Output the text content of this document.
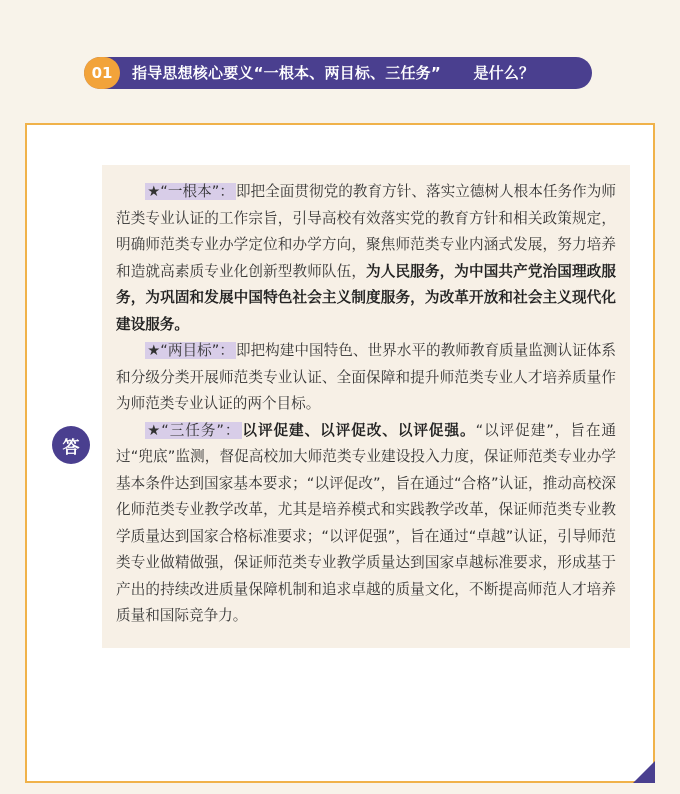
01	指导思想核心要义“一根本、两目标、三任务”      是什么？
答

★“一根本”： 即把全面贯彻党的教育方针、落实立德树人根本任务作为师范类专业认证的工作宗旨，引导高校有效落实党的教育方针和相关政策规定，明确师范类专业办学定位和办学方向，聚焦师范类专业内涵式发展，努力培养和造就高素质专业化创新型教师队伍，为人民服务，为中国共产党治国理政服务，为巩固和发展中国特色社会主义制度服务，为改革开放和社会主义现代化建设服务。

★“两目标”： 即把构建中国特色、世界水平的教师教育质量监测认证体系和分级分类开展师范类专业认证、全面保障和提升师范类专业人才培养质量作为师范类专业认证的两个目标。

★“三任务”： 以评促建、以评促改、以评促强。“以评促建”，旨在通过“兜底”监测，督促高校加大师范类专业建设投入力度，保证师范类专业办学基本条件达到国家基本要求；“以评促改”，旨在通过“合格”认证，推动高校深化师范类专业教学改革，尤其是培养模式和实践教学改革，保证师范类专业教学质量达到国家合格标准要求；“以评促强”，旨在通过“卓越”认证，引导师范类专业做精做强，保证师范类专业教学质量达到国家卓越标准要求，形成基于产出的持续改进质量保障机制和追求卓越的质量文化，不断提高师范人才培养质量和国际竞争力。
